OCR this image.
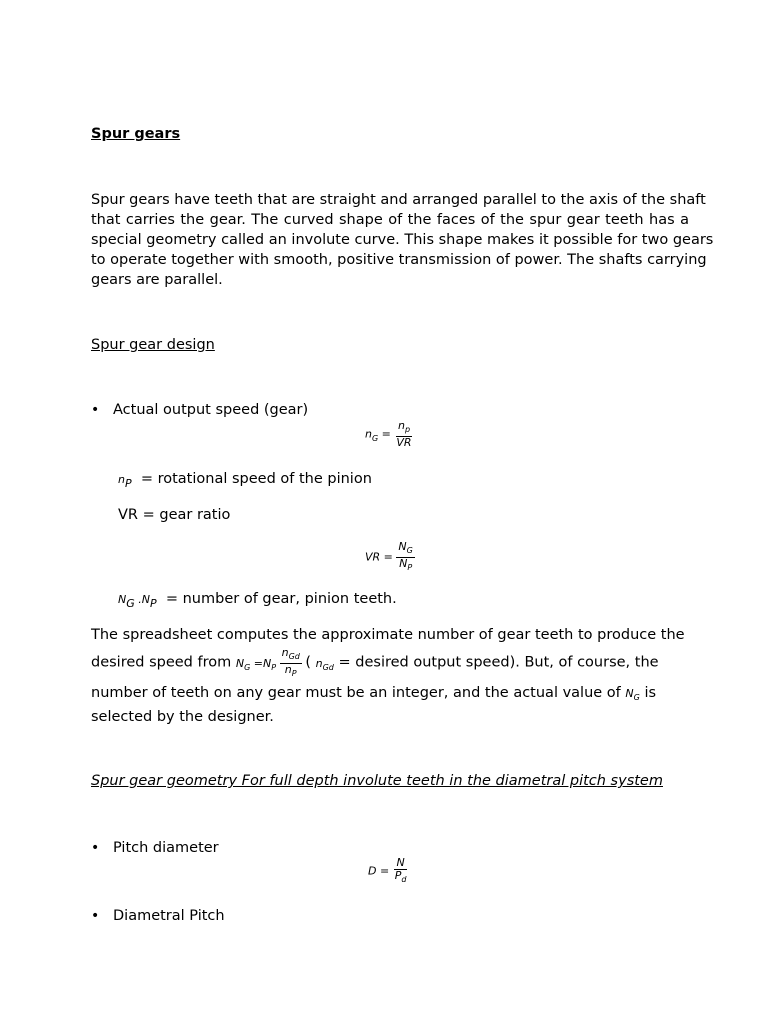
Spur gears
Spur gears have teeth that are straight and arranged parallel to the axis of the shaft
that carries the gear. The curved shape of the faces of the spur gear teeth has a
special geometry called an involute curve. This shape makes it possible for two gears
to operate together with smooth, positive transmission of power. The shafts carrying
gears are parallel.
Spur gear design
• Actual output speed (gear)
$n_G = \frac{n_p}{VR}$
$n_P$ = rotational speed of the pinion
VR = gear ratio
VR = $\frac{N_G}{N_P}$
$N_G$ $.N_P$ = number of gear, pinion teeth.
The spreadsheet computes the approximate number of gear teeth to produce the
desired speed from $N_G =N_P \frac{n_{Gd}}{n_P}$ ( $n_{Gd}$ = desired output speed). But, of course, the
number of teeth on any gear must be an integer, and the actual value of $N_G$ is
selected by the designer.
Spur gear geometry For full depth involute teeth in the diametral pitch system
• Pitch diameter
$D = \frac{N}{P_d}$
• Diametral Pitch
